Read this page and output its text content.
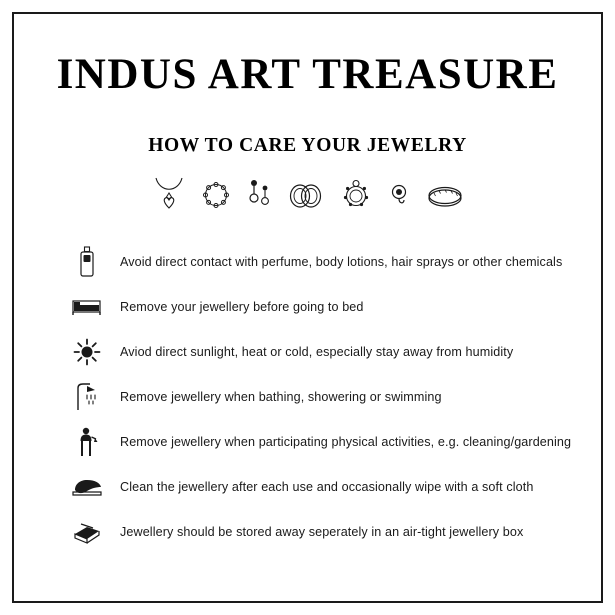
INDUS ART TREASURE
HOW TO CARE YOUR JEWELRY
Avoid direct contact with perfume, body lotions, hair sprays or other chemicals
Remove your jewellery before going to bed
Aviod direct sunlight, heat or cold, especially stay away from humidity
Remove jewellery when bathing, showering or swimming
Remove jewellery when participating physical activities, e.g. cleaning/gardening
Clean the jewellery after each use and occasionally wipe with a soft cloth
Jewellery should be stored away seperately in an air-tight jewellery box
